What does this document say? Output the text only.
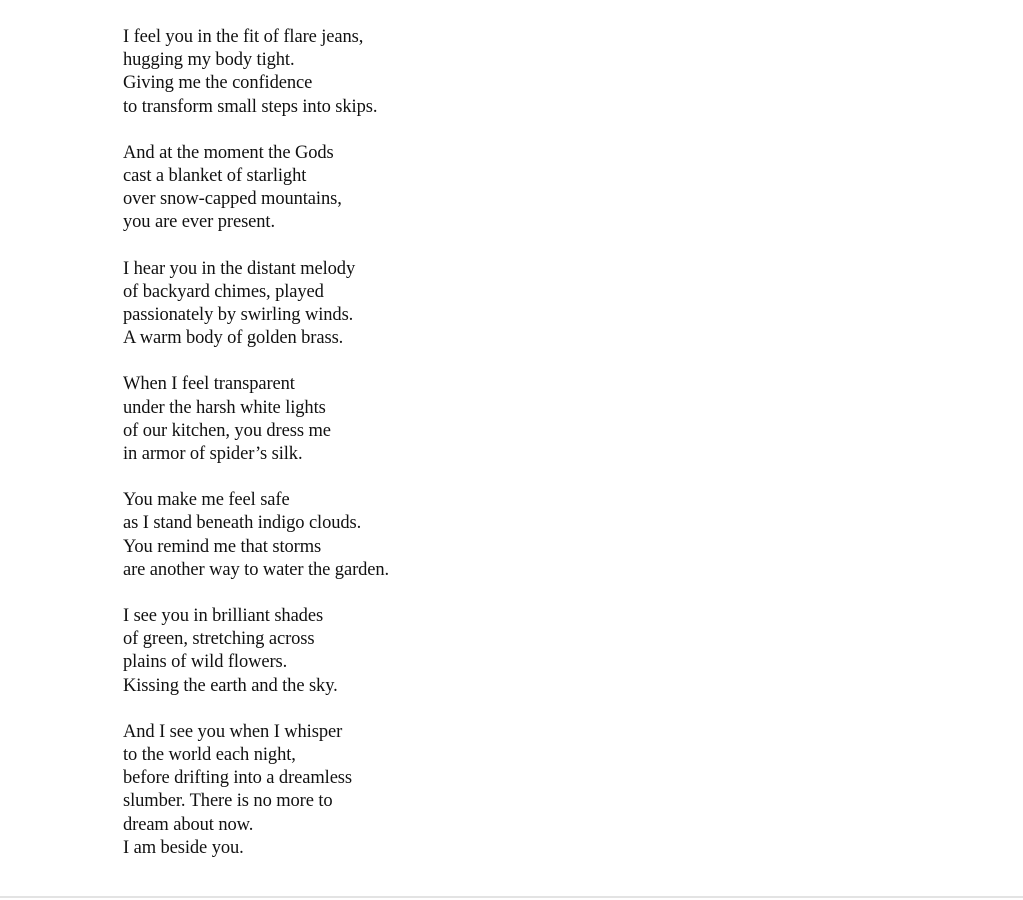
I feel you in the fit of flare jeans,
hugging my body tight.
Giving me the confidence
to transform small steps into skips.
And at the moment the Gods
cast a blanket of starlight
over snow-capped mountains,
you are ever present.
I hear you in the distant melody
of backyard chimes, played
passionately by swirling winds.
A warm body of golden brass.
When I feel transparent
under the harsh white lights
of our kitchen, you dress me
in armor of spider’s silk.
You make me feel safe
as I stand beneath indigo clouds.
You remind me that storms
are another way to water the garden.
I see you in brilliant shades
of green, stretching across
plains of wild flowers.
Kissing the earth and the sky.
And I see you when I whisper
to the world each night,
before drifting into a dreamless
slumber. There is no more to
dream about now.
I am beside you.
